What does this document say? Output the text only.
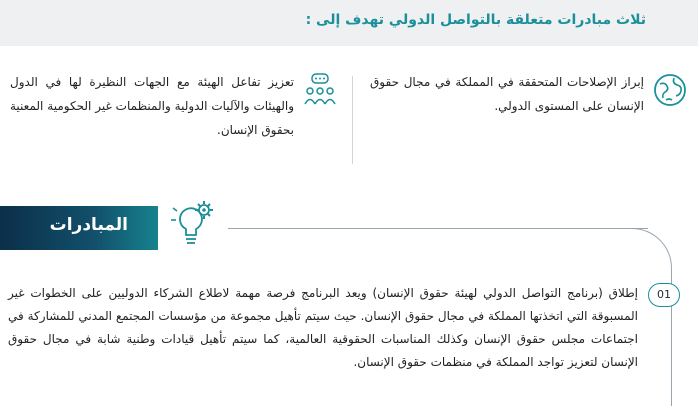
ثلاث مبادرات متعلقة بالتواصل الدولي تهدف إلى :
إبراز الإصلاحات المتحققة في المملكة في مجال حقوق الإنسان على المستوى الدولي.
تعزيز تفاعل الهيئة مع الجهات النظيرة لها في الدول والهيئات والآليات الدولية والمنظمات غير الحكومية المعنية بحقوق الإنسان.
المبادرات
01
إطلاق (برنامج التواصل الدولي لهيئة حقوق الإنسان) ويعد البرنامج فرصة مهمة لاطلاع الشركاء الدوليين على الخطوات غير المسبوقة التي اتخذتها المملكة في مجال حقوق الإنسان. حيث سيتم تأهيل مجموعة من مؤسسات المجتمع المدني للمشاركة في اجتماعات مجلس حقوق الإنسان وكذلك المناسبات الحقوقية العالمية، كما سيتم تأهيل قيادات وطنية شابة في مجال حقوق الإنسان لتعزيز تواجد المملكة في منظمات حقوق الإنسان.
